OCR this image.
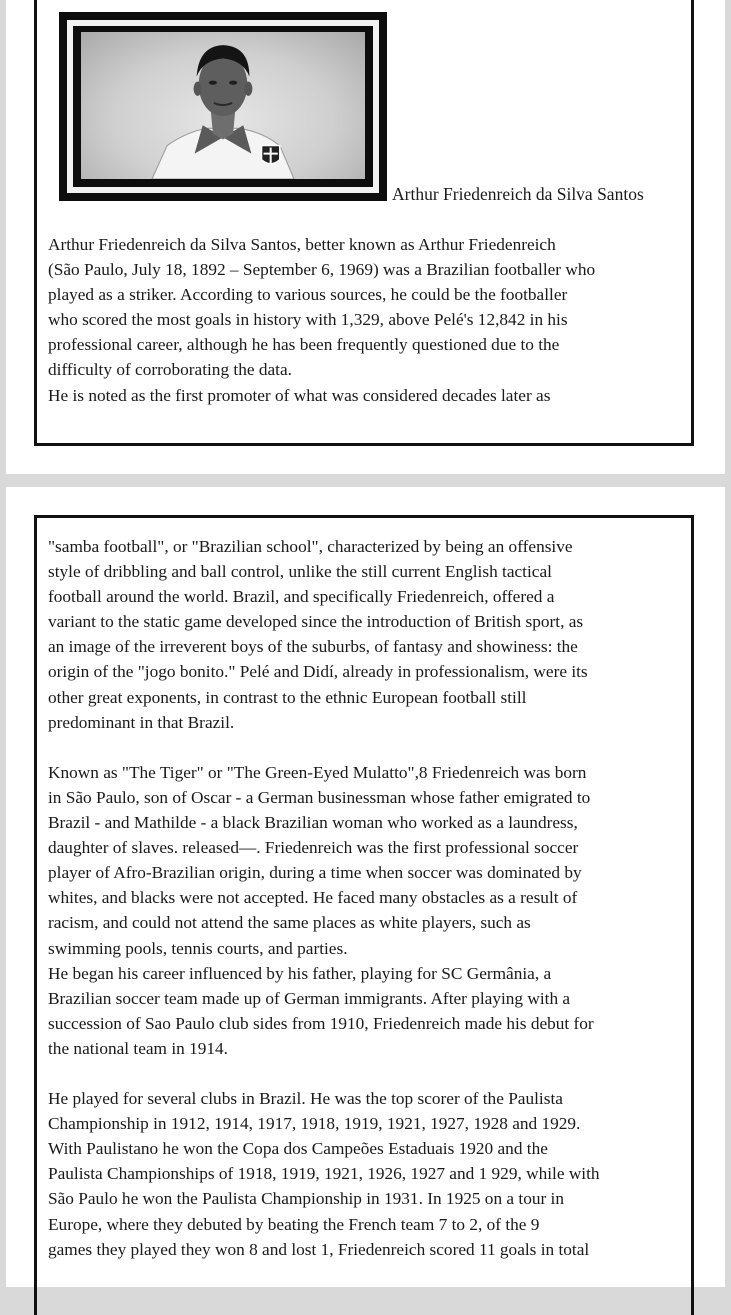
Arthur Friedenreich da Silva Santos
Arthur Friedenreich da Silva Santos, better known as Arthur Friedenreich
(São Paulo, July 18, 1892 – September 6, 1969) was a Brazilian footballer who
played as a striker. According to various sources, he could be the footballer
who scored the most goals in history with 1,329, above Pelé's 12,842 in his
professional career, although he has been frequently questioned due to the
difficulty of corroborating the data.
He is noted as the first promoter of what was considered decades later as
"samba football", or "Brazilian school", characterized by being an offensive
style of dribbling and ball control, unlike the still current English tactical
football around the world. Brazil, and specifically Friedenreich, offered a
variant to the static game developed since the introduction of British sport, as
an image of the irreverent boys of the suburbs, of fantasy and showiness: the
origin of the "jogo bonito." Pelé and Didí, already in professionalism, were its
other great exponents, in contrast to the ethnic European football still
predominant in that Brazil.
Known as "The Tiger" or "The Green-Eyed Mulatto",8 Friedenreich was born
in São Paulo, son of Oscar - a German businessman whose father emigrated to
Brazil - and Mathilde - a black Brazilian woman who worked as a laundress,
daughter of slaves. released—. Friedenreich was the first professional soccer
player of Afro-Brazilian origin, during a time when soccer was dominated by
whites, and blacks were not accepted. He faced many obstacles as a result of
racism, and could not attend the same places as white players, such as
swimming pools, tennis courts, and parties.
He began his career influenced by his father, playing for SC Germânia, a
Brazilian soccer team made up of German immigrants. After playing with a
succession of Sao Paulo club sides from 1910, Friedenreich made his debut for
the national team in 1914.
He played for several clubs in Brazil. He was the top scorer of the Paulista
Championship in 1912, 1914, 1917, 1918, 1919, 1921, 1927, 1928 and 1929.
With Paulistano he won the Copa dos Campeões Estaduais 1920 and the
Paulista Championships of 1918, 1919, 1921, 1926, 1927 and 1 929, while with
São Paulo he won the Paulista Championship in 1931. In 1925 on a tour in
Europe, where they debuted by beating the French team 7 to 2, of the 9
games they played they won 8 and lost 1, Friedenreich scored 11 goals in total
